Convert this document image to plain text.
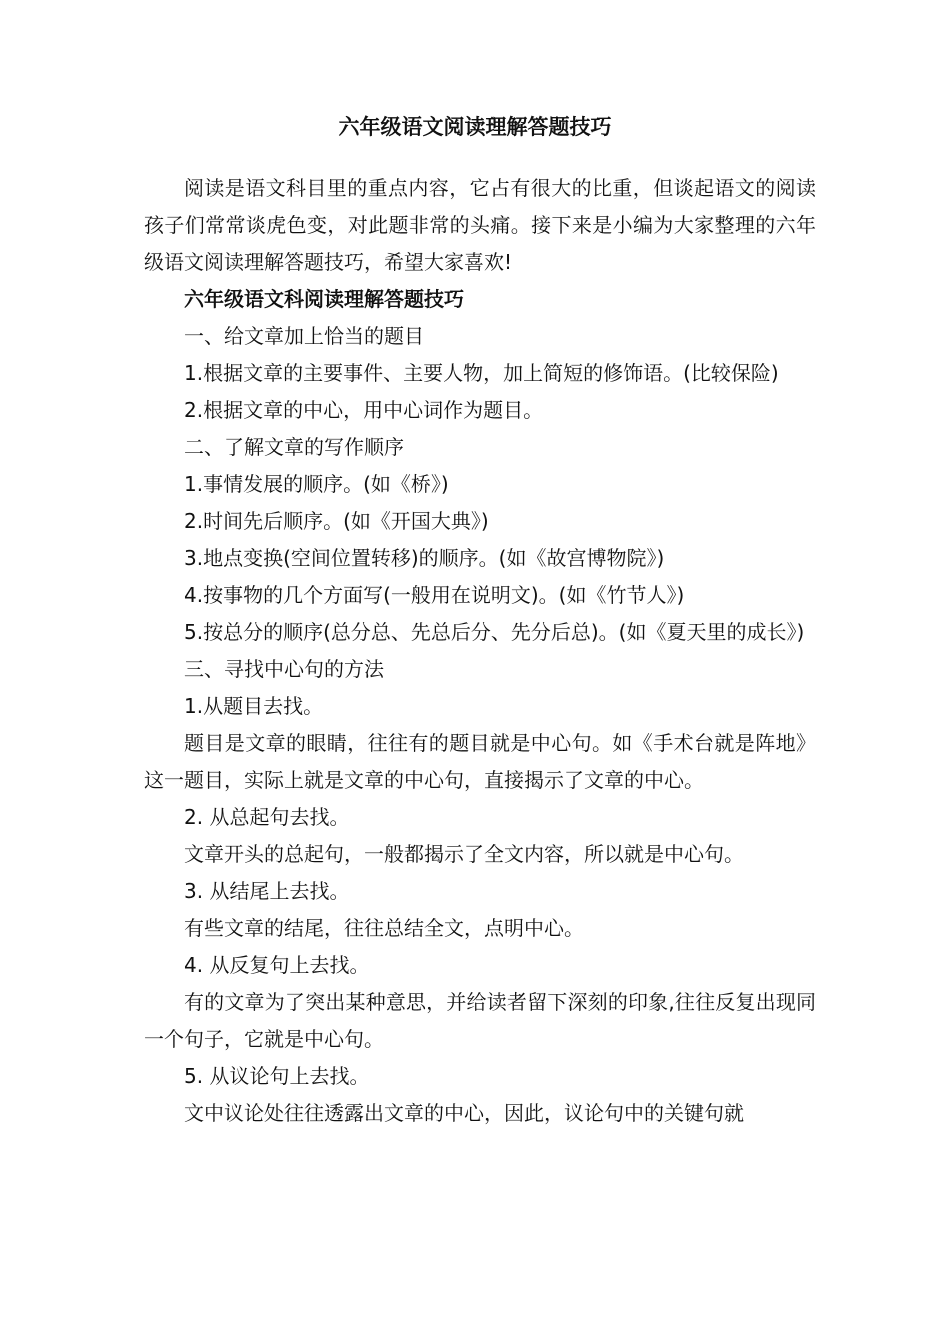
六年级语文阅读理解答题技巧

阅读是语文科目里的重点内容，它占有很大的比重，但谈起语文的阅读孩子们常常谈虎色变，对此题非常的头痛。接下来是小编为大家整理的六年级语文阅读理解答题技巧，希望大家喜欢!

六年级语文科阅读理解答题技巧

一、给文章加上恰当的题目

1.根据文章的主要事件、主要人物，加上简短的修饰语。(比较保险)

2.根据文章的中心，用中心词作为题目。

二、了解文章的写作顺序

1.事情发展的顺序。(如《桥》)

2.时间先后顺序。(如《开国大典》)

3.地点变换(空间位置转移)的顺序。(如《故宫博物院》)

4.按事物的几个方面写(一般用在说明文)。(如《竹节人》)

5.按总分的顺序(总分总、先总后分、先分后总)。(如《夏天里的成长》)

三、寻找中心句的方法

1.从题目去找。

题目是文章的眼睛，往往有的题目就是中心句。如《手术台就是阵地》这一题目，实际上就是文章的中心句，直接揭示了文章的中心。

2. 从总起句去找。

文章开头的总起句，一般都揭示了全文内容，所以就是中心句。

3. 从结尾上去找。

有些文章的结尾，往往总结全文，点明中心。

4. 从反复句上去找。

有的文章为了突出某种意思，并给读者留下深刻的印象,往往反复出现同一个句子，它就是中心句。

5. 从议论句上去找。

文中议论处往往透露出文章的中心，因此，议论句中的关键句就
